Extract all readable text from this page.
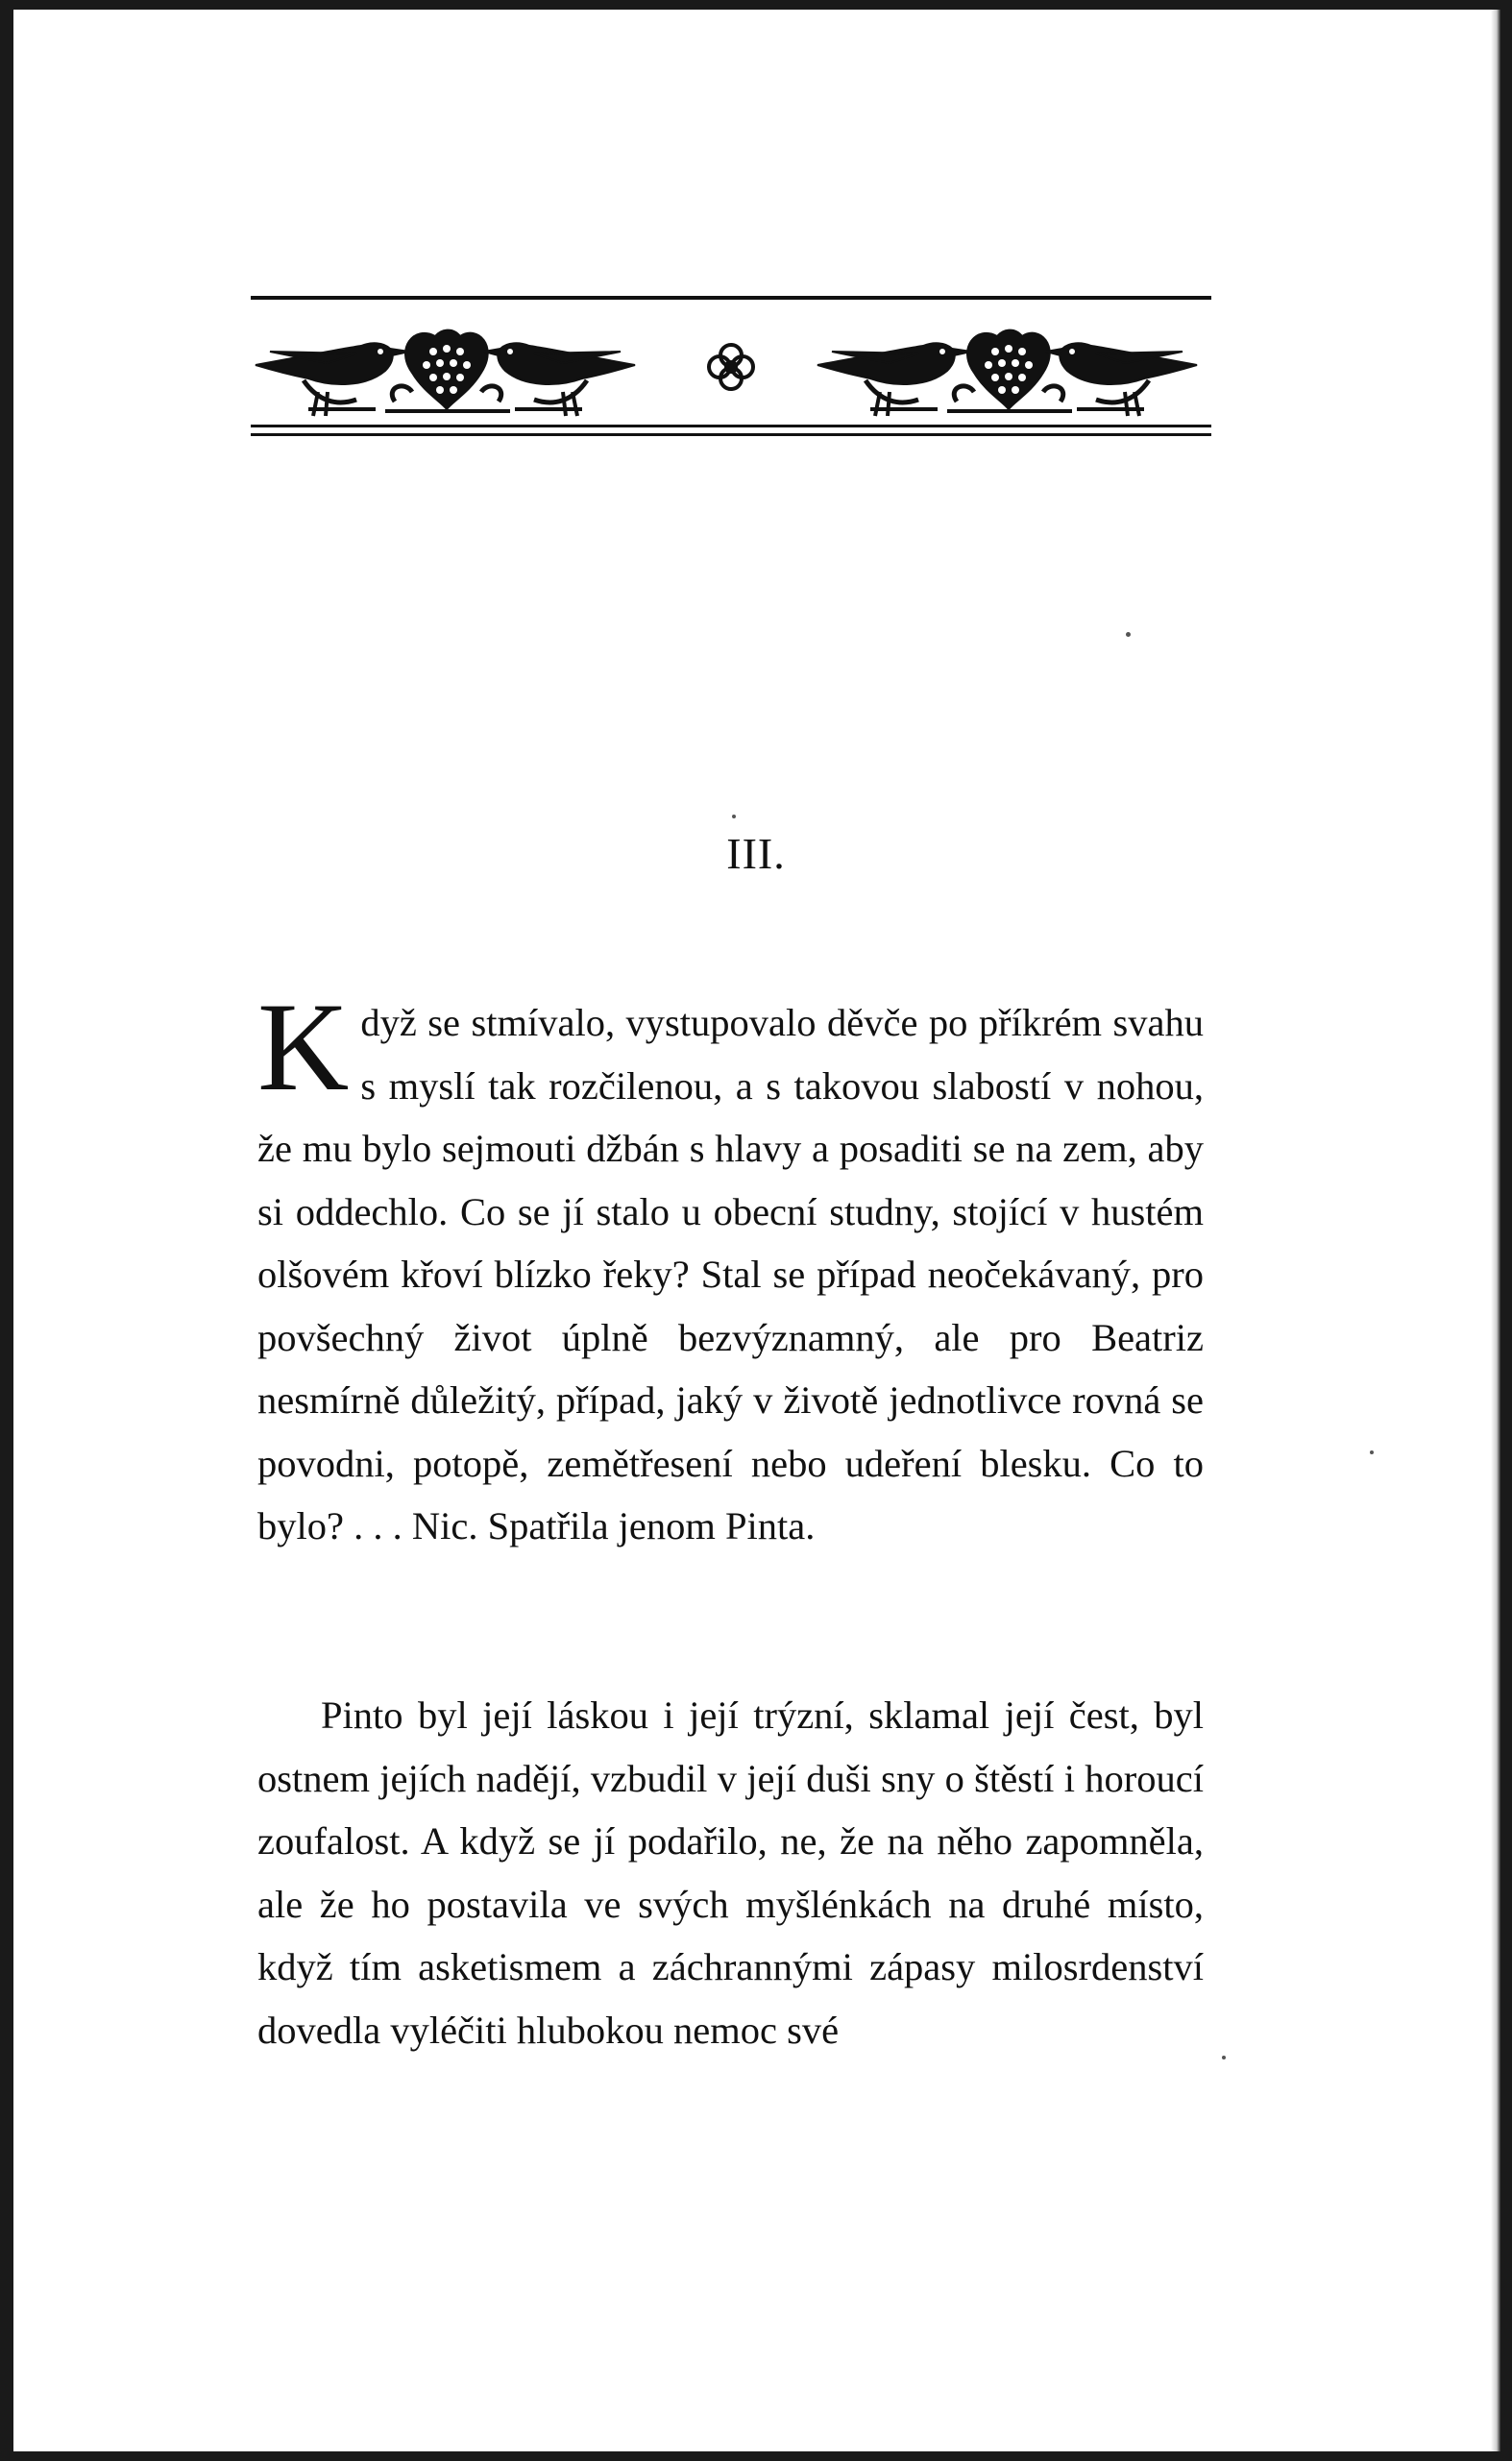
III.

K dyž se stmívalo, vystupovalo děvče po příkrém svahu s myslí tak rozčilenou, a s takovou slabostí v nohou, že mu bylo sejmouti džbán s hlavy a posaditi se na zem, aby si oddechlo. Co se jí stalo u obecní studny, stojící v hustém olšovém křoví blízko řeky? Stal se případ neočekávaný, pro povšechný život úplně bezvýznamný, ale pro Beatriz nesmírně důležitý, případ, jaký v životě jednotlivce rovná se povodni, potopě, zemětřesení nebo udeření blesku. Co to bylo? . . . Nic. Spatřila jenom Pinta.

Pinto byl její láskou i její trýzní, sklamal její čest, byl ostnem jejích nadějí, vzbudil v její duši sny o štěstí i horoucí zoufalost. A když se jí podařilo, ne, že na něho zapomněla, ale že ho postavila ve svých myšlénkách na druhé místo, když tím asketismem a záchrannými zápasy milosrdenství dovedla vyléčiti hlubokou nemoc své
